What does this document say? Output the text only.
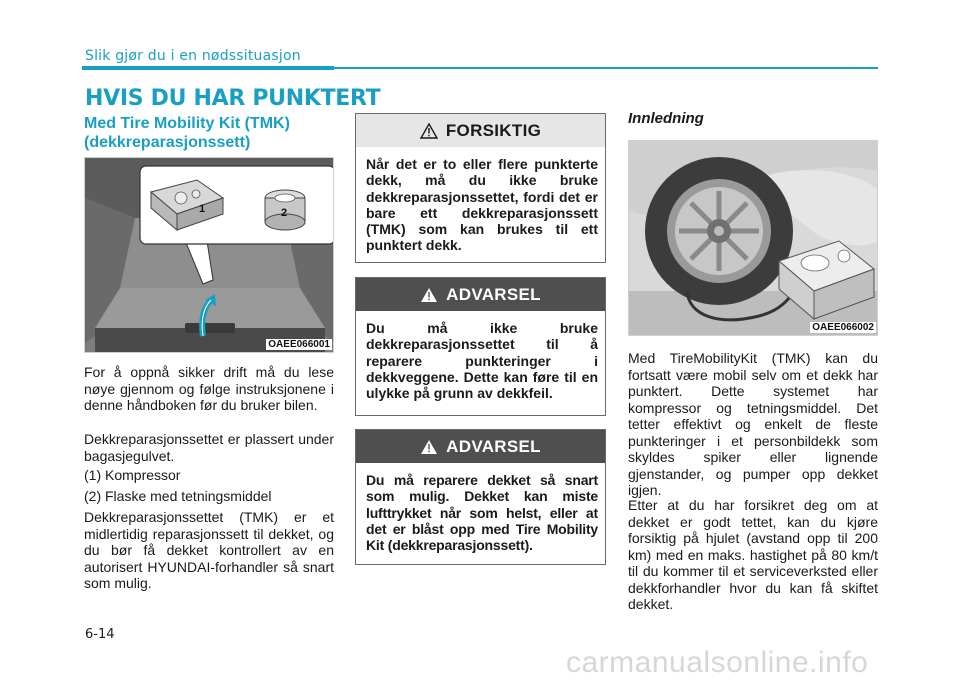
Slik gjør du i en nødssituasjon
HVIS DU HAR PUNKTERT
Med Tire Mobility Kit (TMK) (dekkreparasjonssett)
1	2
OAEE066001
For å oppnå sikker drift må du lese nøye gjennom og følge instruksjonene i denne håndboken før du bruker bilen.
Dekkreparasjonssettet er plassert under bagasjegulvet.
(1) Kompressor
(2) Flaske med tetningsmiddel
Dekkreparasjonssettet (TMK) er et midlertidig reparasjonssett til dekket, og du bør få dekket kontrollert av en autorisert HYUNDAI-forhandler så snart som mulig.
FORSIKTIG
Når det er to eller flere punkterte dekk, må du ikke bruke dekkreparasjonssettet, fordi det er bare ett dekkreparasjonssett (TMK) som kan brukes til ett punktert dekk.
ADVARSEL
Du må ikke bruke dekkreparasjonssettet til å reparere punkteringer i dekkveggene. Dette kan føre til en ulykke på grunn av dekkfeil.
ADVARSEL
Du må reparere dekket så snart som mulig. Dekket kan miste lufttrykket når som helst, eller at det er blåst opp med Tire Mobility Kit (dekkreparasjonssett).
Innledning
OAEE066002
Med TireMobilityKit (TMK) kan du fortsatt være mobil selv om et dekk har punktert. Dette systemet har kompressor og tetningsmiddel. Det tetter effektivt og enkelt de fleste punkteringer i et personbildekk som skyldes spiker eller lignende gjenstander, og pumper opp dekket igjen.
Etter at du har forsikret deg om at dekket er godt tettet, kan du kjøre forsiktig på hjulet (avstand opp til 200 km) med en maks. hastighet på 80 km/t til du kommer til et serviceverksted eller dekkforhandler hvor du kan få skiftet dekket.
6-14
carmanualsonline.info
